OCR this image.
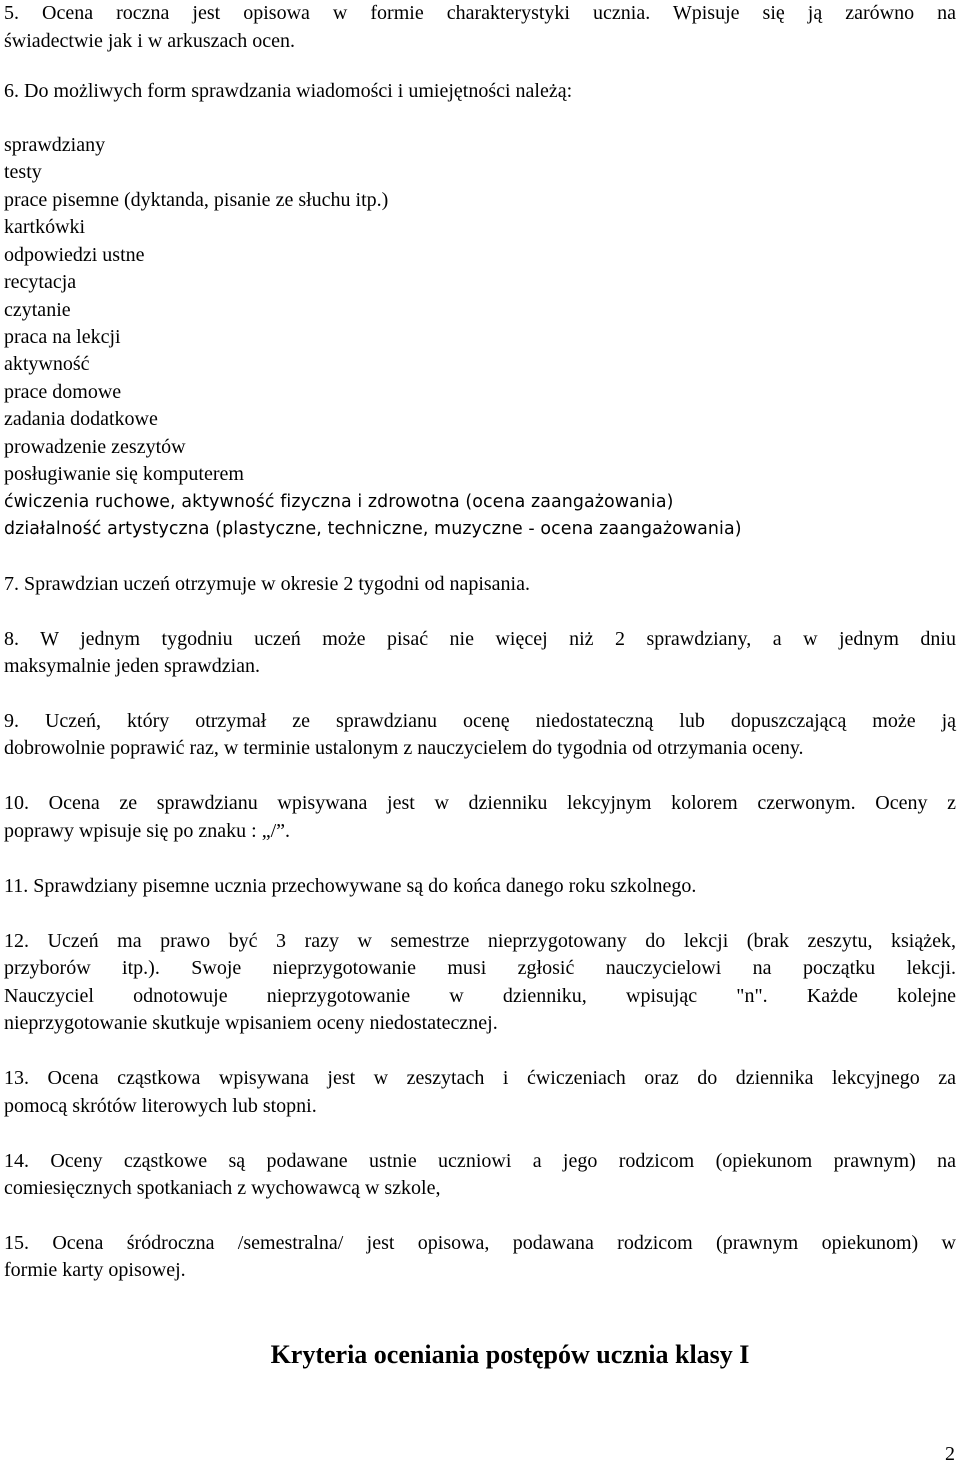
5. Ocena roczna jest opisowa w formie charakterystyki ucznia. Wpisuje się ją zarówno na
świadectwie jak i w arkuszach ocen.
6. Do możliwych form sprawdzania wiadomości i umiejętności należą:
sprawdziany
testy
prace pisemne (dyktanda, pisanie ze słuchu itp.)
kartkówki
odpowiedzi ustne
recytacja
czytanie
praca na lekcji
aktywność
prace domowe
zadania dodatkowe
prowadzenie zeszytów
posługiwanie się komputerem
ćwiczenia ruchowe, aktywność fizyczna i zdrowotna (ocena zaangażowania)
działalność artystyczna (plastyczne, techniczne, muzyczne - ocena zaangażowania)
7. Sprawdzian uczeń otrzymuje w okresie 2 tygodni od napisania.
8. W jednym tygodniu uczeń może pisać nie więcej niż 2 sprawdziany, a w jednym dniu
maksymalnie jeden sprawdzian.
9. Uczeń, który otrzymał ze sprawdzianu ocenę niedostateczną lub dopuszczającą może ją
dobrowolnie poprawić raz, w terminie ustalonym z nauczycielem do tygodnia od otrzymania oceny.
10. Ocena ze sprawdzianu wpisywana jest w dzienniku lekcyjnym kolorem czerwonym. Oceny z
poprawy wpisuje się po znaku : „/”.
11. Sprawdziany pisemne ucznia przechowywane są do końca danego roku szkolnego.
12. Uczeń ma prawo być 3 razy w semestrze nieprzygotowany do lekcji (brak zeszytu, książek,
przyborów itp.). Swoje nieprzygotowanie musi zgłosić nauczycielowi na początku lekcji.
Nauczyciel odnotowuje nieprzygotowanie w dzienniku, wpisując "n". Każde kolejne
nieprzygotowanie skutkuje wpisaniem oceny niedostatecznej.
13. Ocena cząstkowa wpisywana jest w zeszytach i ćwiczeniach oraz do dziennika lekcyjnego za
pomocą skrótów literowych lub stopni.
14. Oceny cząstkowe są podawane ustnie uczniowi a jego rodzicom (opiekunom prawnym) na
comiesięcznych spotkaniach z wychowawcą w szkole,
15. Ocena śródroczna /semestralna/ jest opisowa, podawana rodzicom (prawnym opiekunom) w
formie karty opisowej.
Kryteria oceniania postępów ucznia klasy I
2
